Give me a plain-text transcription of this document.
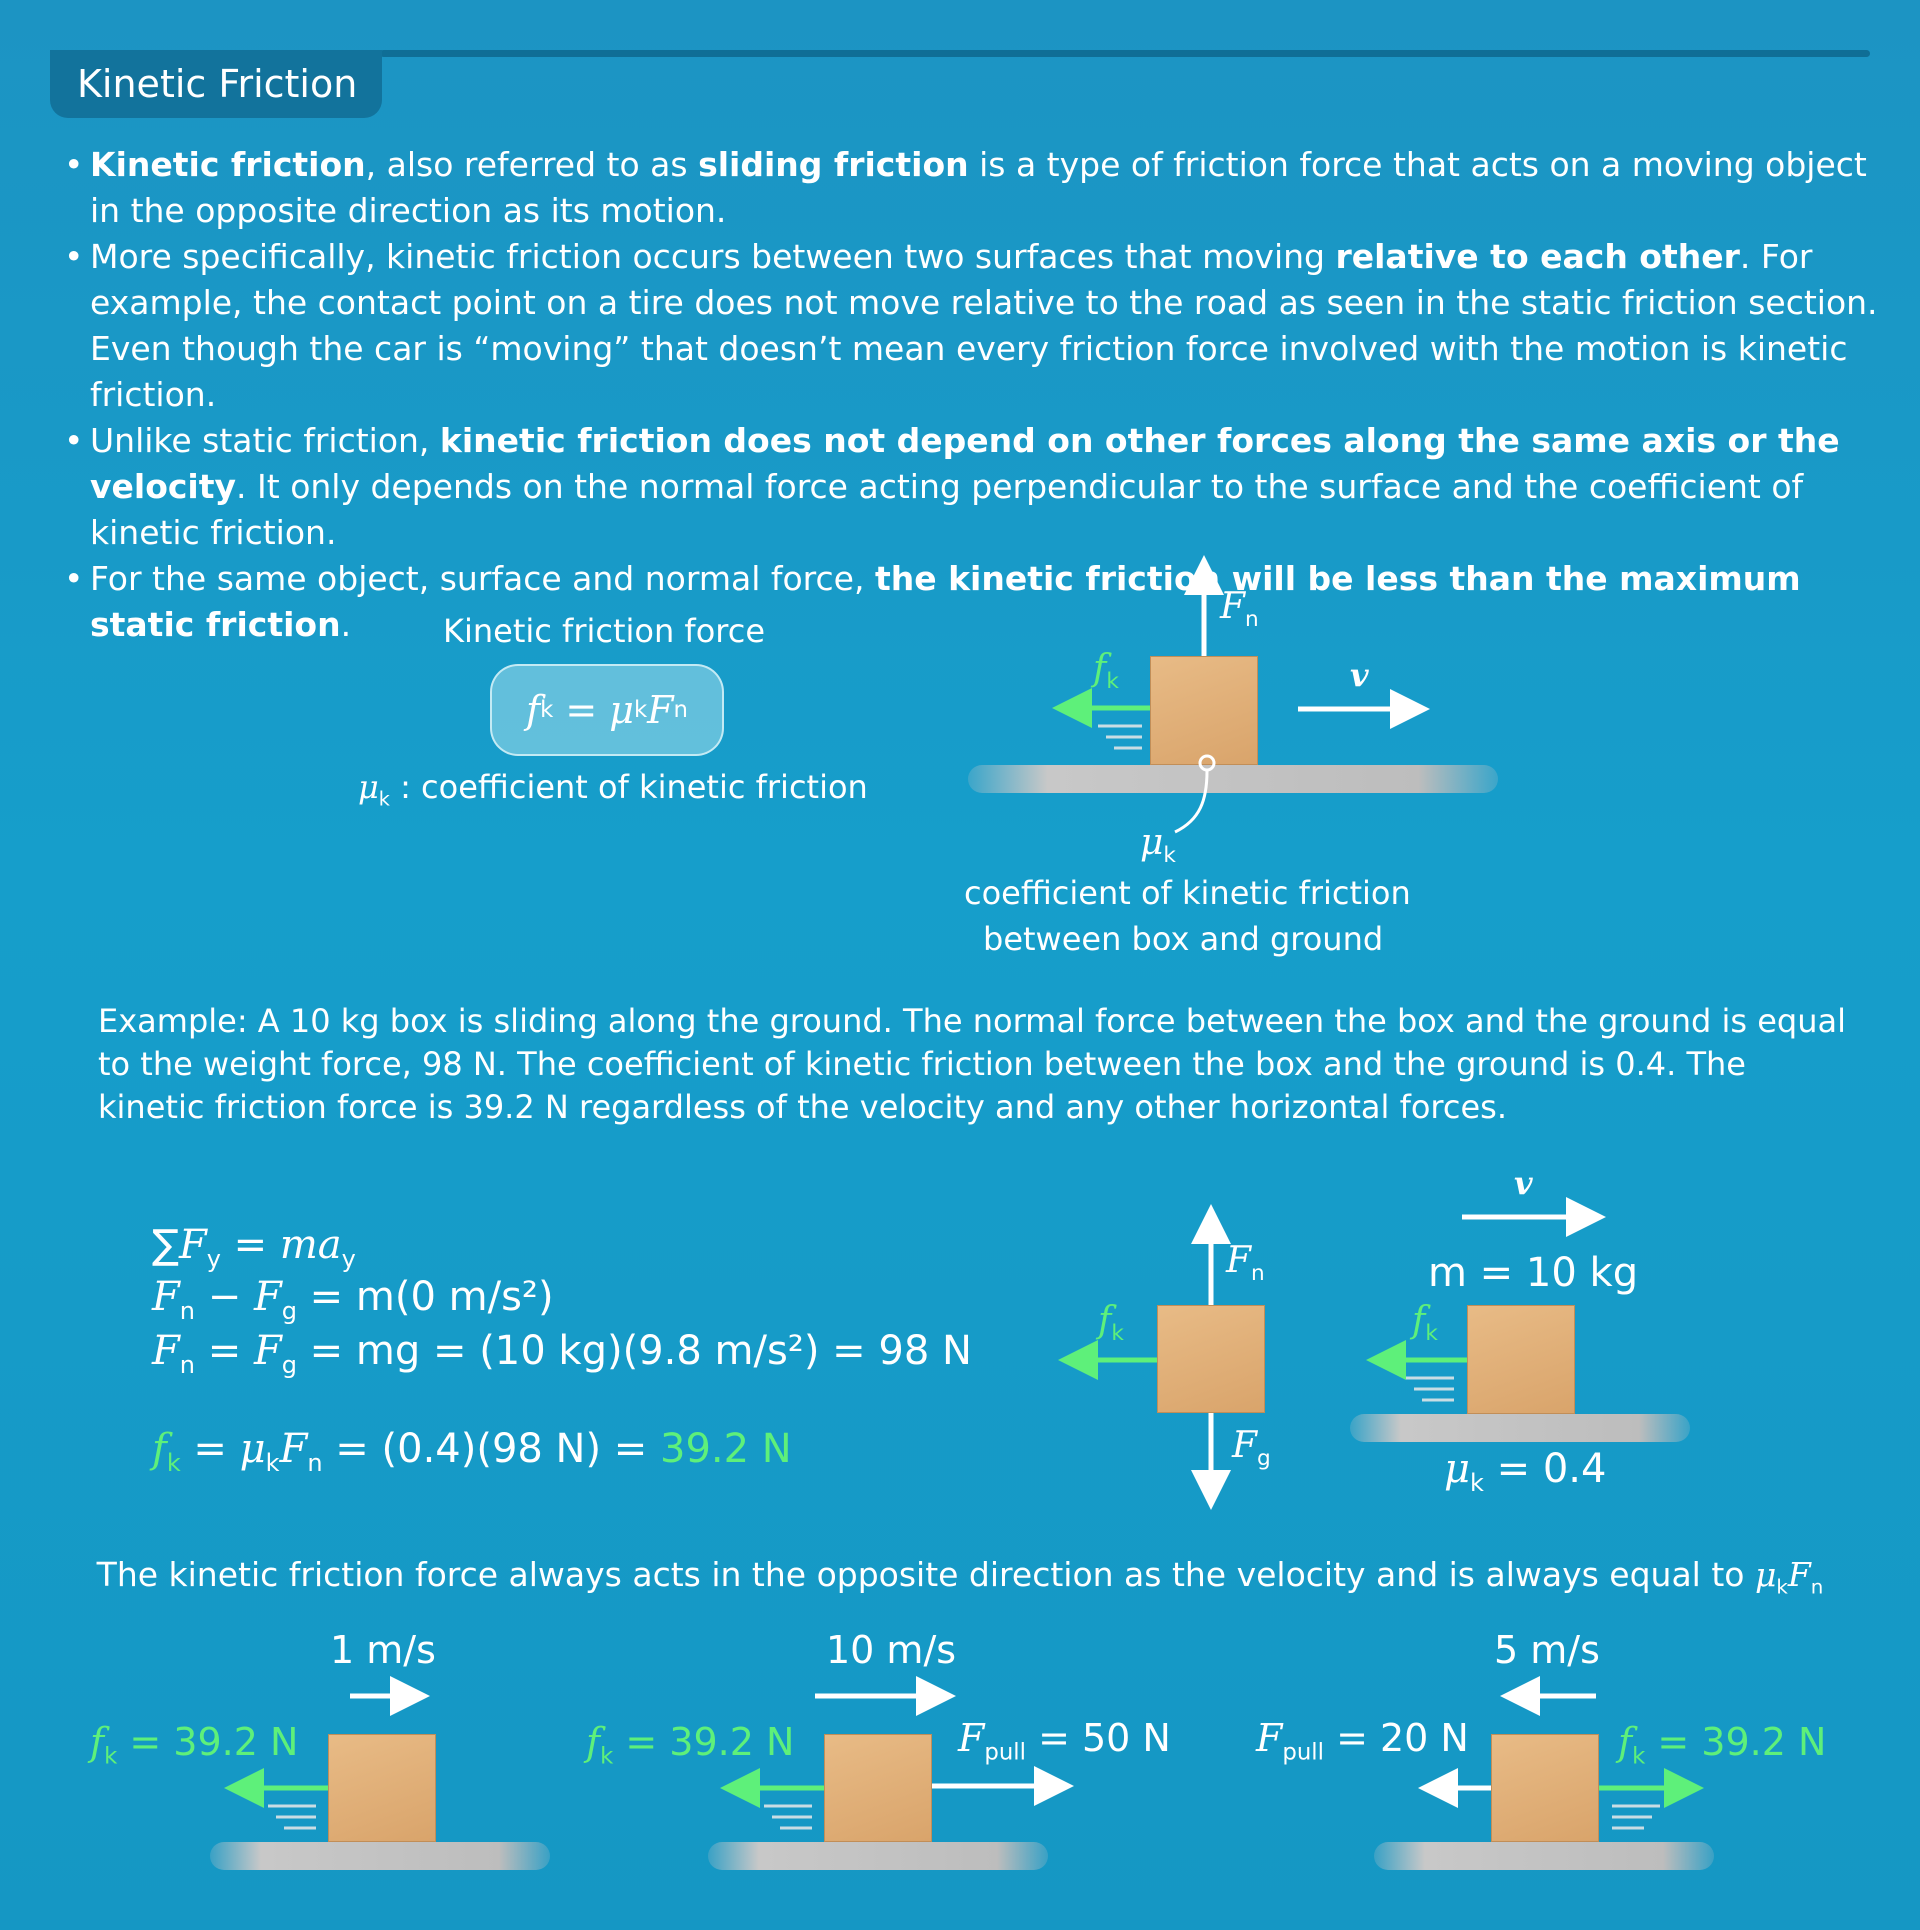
Kinetic Friction
• Kinetic friction, also referred to as sliding friction is a type of friction force that acts on a moving object in the opposite direction as its motion.
• More specifically, kinetic friction occurs between two surfaces that moving relative to each other. For example, the contact point on a tire does not move relative to the road as seen in the static friction section. Even though the car is “moving” that doesn’t mean every friction force involved with the motion is kinetic friction.
• Unlike static friction, kinetic friction does not depend on other forces along the same axis or the velocity. It only depends on the normal force acting perpendicular to the surface and the coefficient of kinetic friction.
• For the same object, surface and normal force, the kinetic friction will be less than the maximum static friction.	Kinetic friction force
f k = μ k F n
$\mu_k$ : coefficient of kinetic friction
$F_n$
$f_k$	v
$\mu_k$
coefficient of kinetic friction
between box and ground
Example: A 10 kg box is sliding along the ground. The normal force between the box and the ground is equal to the weight force, 98 N. The coefficient of kinetic friction between the box and the ground is 0.4. The kinetic friction force is 39.2 N regardless of the velocity and any other horizontal forces.
$\sum F_y = ma_y$
$F_n - F_g = m(0$ m/s²)
$F_n = F_g$ = mg = (10 kg)(9.8 m/s²) = 98 N
$f_k = \mu_kF_n = (0.4)(98$ N) = 39.2 N
$F_n$
$f_k$
$F_g$
v
m = 10 kg
$f_k$
$\mu_k = 0.4$
The kinetic friction force always acts in the opposite direction as the velocity and is always equal to $\mu_kF_n$
1 m/s
$f_k = 39.2$ N
10 m/s
$f_k = 39.2$ N	$F_{pull} = 50$ N
5 m/s
$F_{pull} = 20$ N	$f_k = 39.2$ N
